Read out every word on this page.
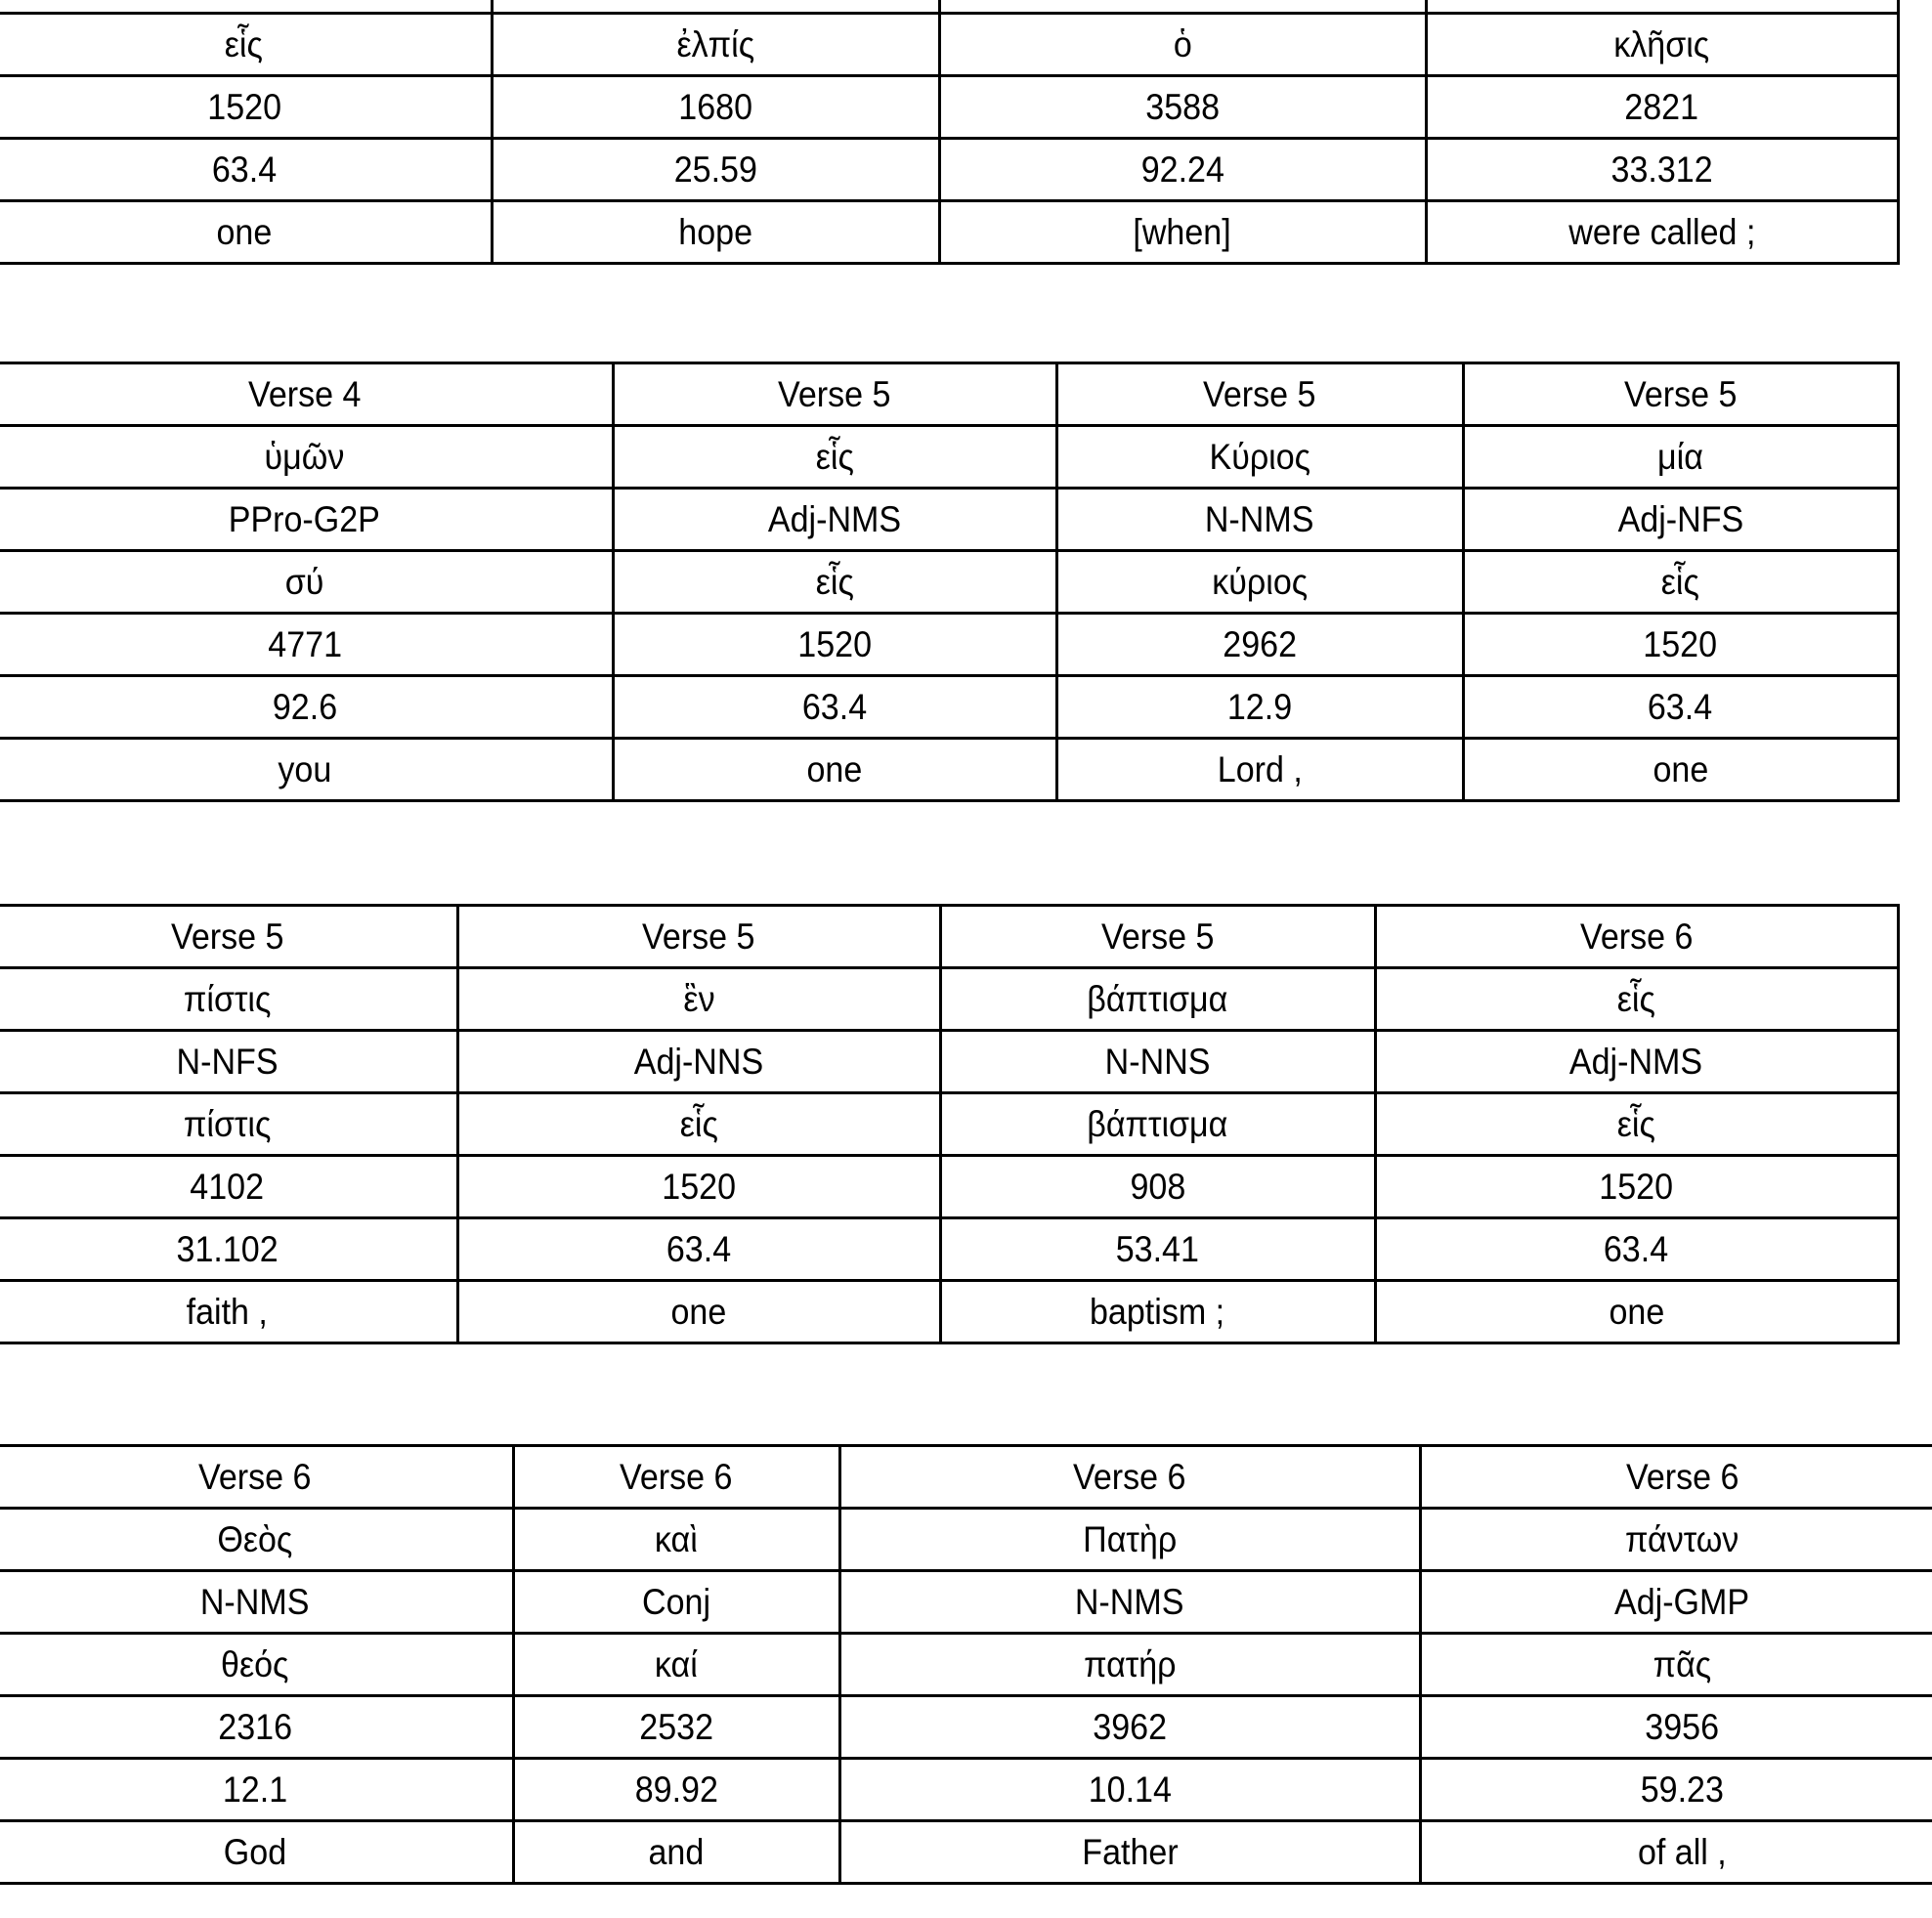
εἷς	ἐλπίς	ὁ	κλῆσις
1520	1680	3588	2821
63.4	25.59	92.24	33.312
one	hope	[when]	were called ;
Verse 4	Verse 5	Verse 5	Verse 5
ὑμῶν	εἷς	Κύριος	μία
PPro-G2P	Adj-NMS	N-NMS	Adj-NFS
σύ	εἷς	κύριος	εἷς
4771	1520	2962	1520
92.6	63.4	12.9	63.4
you	one	Lord ,	one
Verse 5	Verse 5	Verse 5	Verse 6
πίστις	ἓν	βάπτισμα	εἷς
N-NFS	Adj-NNS	N-NNS	Adj-NMS
πίστις	εἷς	βάπτισμα	εἷς
4102	1520	908	1520
31.102	63.4	53.41	63.4
faith ,	one	baptism ;	one
Verse 6	Verse 6	Verse 6	Verse 6
Θεὸς	καὶ	Πατὴρ	πάντων
N-NMS	Conj	N-NMS	Adj-GMP
θεός	καί	πατήρ	πᾶς
2316	2532	3962	3956
12.1	89.92	10.14	59.23
God	and	Father	of all ,
